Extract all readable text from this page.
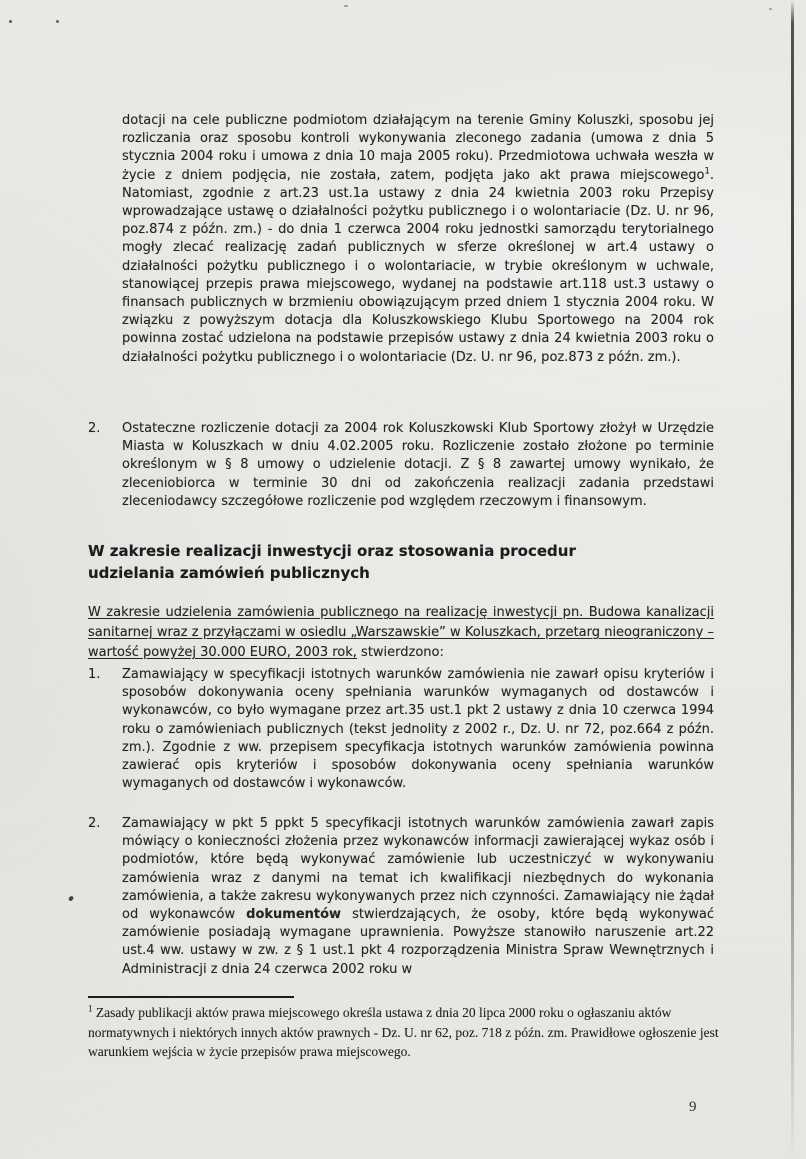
dotacji na cele publiczne podmiotom działającym na terenie Gminy Koluszki, sposobu jej rozliczania oraz sposobu kontroli wykonywania zleconego zadania (umowa z dnia 5 stycznia 2004 roku i umowa z dnia 10 maja 2005 roku). Przedmiotowa uchwała weszła w życie z dniem podjęcia, nie została, zatem, podjęta jako akt prawa miejscowego$^1$. Natomiast, zgodnie z art.23 ust.1a ustawy z dnia 24 kwietnia 2003 roku Przepisy wprowadzające ustawę o działalności pożytku publicznego i o wolontariacie (Dz. U. nr 96, poz.874 z późn. zm.) - do dnia 1 czerwca 2004 roku jednostki samorządu terytorialnego mogły zlecać realizację zadań publicznych w sferze określonej w art.4 ustawy o działalności pożytku publicznego i o wolontariacie, w trybie określonym w uchwale, stanowiącej przepis prawa miejscowego, wydanej na podstawie art.118 ust.3 ustawy o finansach publicznych w brzmieniu obowiązującym przed dniem 1 stycznia 2004 roku. W związku z powyższym dotacja dla Koluszkowskiego Klubu Sportowego na 2004 rok powinna zostać udzielona na podstawie przepisów ustawy z dnia 24 kwietnia 2003 roku o działalności pożytku publicznego i o wolontariacie (Dz. U. nr 96, poz.873 z późn. zm.).

2.	Ostateczne rozliczenie dotacji za 2004 rok Koluszkowski Klub Sportowy złożył w Urzędzie Miasta w Koluszkach w dniu 4.02.2005 roku. Rozliczenie zostało złożone po terminie określonym w § 8 umowy o udzielenie dotacji. Z § 8 zawartej umowy wynikało, że zleceniobiorca w terminie 30 dni od zakończenia realizacji zadania przedstawi zleceniodawcy szczegółowe rozliczenie pod względem rzeczowym i finansowym.

W zakresie realizacji inwestycji oraz stosowania procedur
udzielania zamówień publicznych

W zakresie udzielenia zamówienia publicznego na realizację inwestycji pn. Budowa kanalizacji sanitarnej wraz z przyłączami w osiedlu „Warszawskie” w Koluszkach, przetarg nieograniczony – wartość powyżej 30.000 EURO, 2003 rok, stwierdzono:

1.	Zamawiający w specyfikacji istotnych warunków zamówienia nie zawarł opisu kryteriów i sposobów dokonywania oceny spełniania warunków wymaganych od dostawców i wykonawców, co było wymagane przez art.35 ust.1 pkt 2 ustawy z dnia 10 czerwca 1994 roku o zamówieniach publicznych (tekst jednolity z 2002 r., Dz. U. nr 72, poz.664 z późn. zm.). Zgodnie z ww. przepisem specyfikacja istotnych warunków zamówienia powinna zawierać opis kryteriów i sposobów dokonywania oceny spełniania warunków wymaganych od dostawców i wykonawców.

2.	Zamawiający w pkt 5 ppkt 5 specyfikacji istotnych warunków zamówienia zawarł zapis mówiący o konieczności złożenia przez wykonawców informacji zawierającej wykaz osób i podmiotów, które będą wykonywać zamówienie lub uczestniczyć w wykonywaniu zamówienia wraz z danymi na temat ich kwalifikacji niezbędnych do wykonania zamówienia, a także zakresu wykonywanych przez nich czynności. Zamawiający nie żądał od wykonawców dokumentów stwierdzających, że osoby, które będą wykonywać zamówienie posiadają wymagane uprawnienia. Powyższe stanowiło naruszenie art.22 ust.4 ww. ustawy w zw. z § 1 ust.1 pkt 4 rozporządzenia Ministra Spraw Wewnętrznych i Administracji z dnia 24 czerwca 2002 roku w

$^1$ Zasady publikacji aktów prawa miejscowego określa ustawa z dnia 20 lipca 2000 roku o ogłaszaniu aktów normatywnych i niektórych innych aktów prawnych - Dz. U. nr 62, poz. 718 z późn. zm. Prawidłowe ogłoszenie jest warunkiem wejścia w życie przepisów prawa miejscowego.

9
